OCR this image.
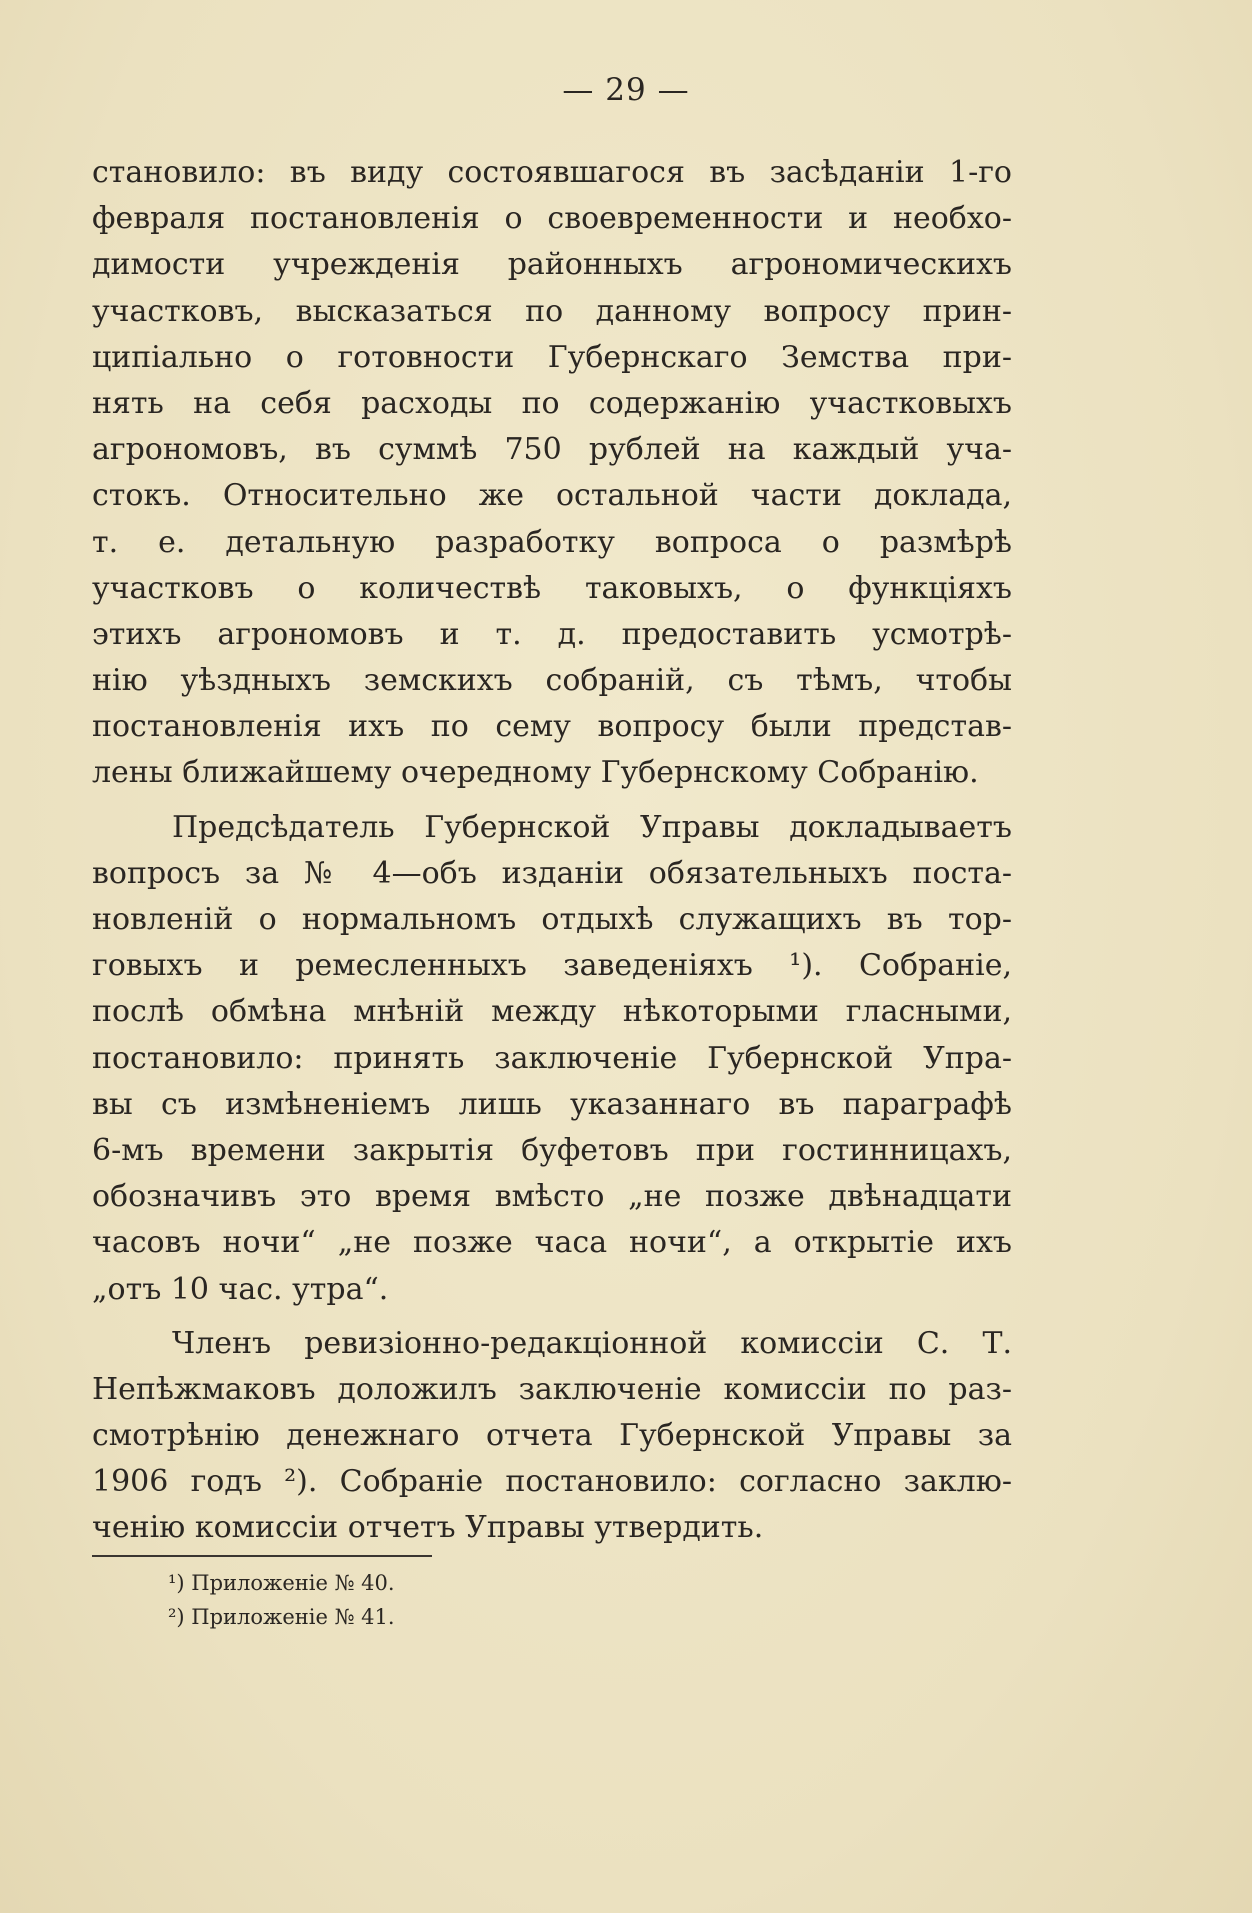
— 29 —
становило: въ виду состоявшагося въ засѣданіи 1-го
февраля постановленія о своевременности и необхо-
димости учрежденія районныхъ агрономическихъ
участковъ, высказаться по данному вопросу прин-
ципіально о готовности Губернскаго Земства при-
нять на себя расходы по содержанію участковыхъ
агрономовъ, въ суммѣ 750 рублей на каждый уча-
стокъ. Относительно же остальной части доклада,
т. е. детальную разработку вопроса о размѣрѣ
участковъ о количествѣ таковыхъ, о функціяхъ
этихъ агрономовъ и т. д. предоставить усмотрѣ-
нію уѣздныхъ земскихъ собраній, съ тѣмъ, чтобы
постановленія ихъ по сему вопросу были представ-
лены ближайшему очередному Губернскому Собранію.
Предсѣдатель Губернской Управы докладываетъ
вопросъ за № 4—объ изданіи обязательныхъ поста-
новленій о нормальномъ отдыхѣ служащихъ въ тор-
говыхъ и ремесленныхъ заведеніяхъ ¹). Собраніе,
послѣ обмѣна мнѣній между нѣкоторыми гласными,
постановило: принять заключеніе Губернской Упра-
вы съ измѣненіемъ лишь указаннаго въ параграфѣ
6-мъ времени закрытія буфетовъ при гостинницахъ,
обозначивъ это время вмѣсто „не позже двѣнадцати
часовъ ночи“ „не позже часа ночи“, а открытіе ихъ
„отъ 10 час. утра“.
Членъ ревизіонно-редакціонной комиссіи С. Т.
Непѣжмаковъ доложилъ заключеніе комиссіи по раз-
смотрѣнію денежнаго отчета Губернской Управы за
1906 годъ ²). Собраніе постановило: согласно заклю-
ченію комиссіи отчетъ Управы утвердить.
¹) Приложеніе № 40.
²) Приложеніе № 41.
